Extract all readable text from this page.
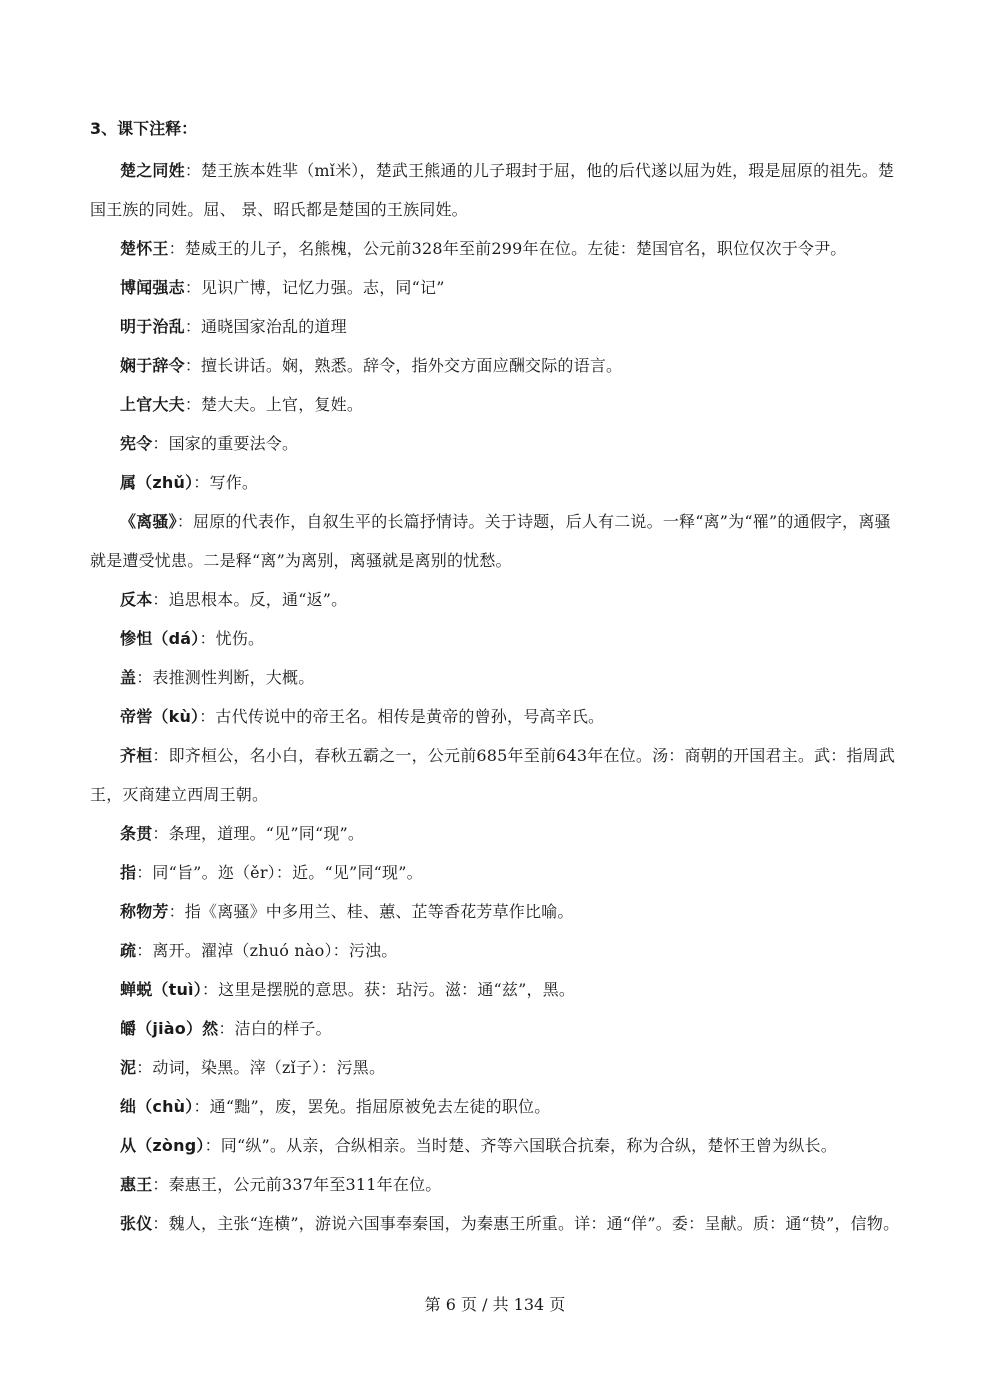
3、课下注释：

楚之同姓：楚王族本姓芈（mǐ米），楚武王熊通的儿子瑕封于屈，他的后代遂以屈为姓，瑕是屈原的祖先。楚国王族的同姓。屈、 景、昭氏都是楚国的王族同姓。

楚怀王：楚威王的儿子，名熊槐，公元前328年至前299年在位。左徒：楚国官名，职位仅次于令尹。

博闻强志：见识广博，记忆力强。志，同“记”

明于治乱：通晓国家治乱的道理

娴于辞令：擅长讲话。娴，熟悉。辞令，指外交方面应酬交际的语言。

上官大夫：楚大夫。上官，复姓。

宪令：国家的重要法令。

属（zhǔ）：写作。

《离骚》：屈原的代表作，自叙生平的长篇抒情诗。关于诗题，后人有二说。一释“离”为“罹”的通假字，离骚就是遭受忧患。二是释“离”为离别，离骚就是离别的忧愁。

反本：追思根本。反，通“返”。

惨怛（dá）：忧伤。

盖：表推测性判断，大概。

帝喾（kù）：古代传说中的帝王名。相传是黄帝的曾孙，号高辛氏。

齐桓：即齐桓公，名小白，春秋五霸之一，公元前685年至前643年在位。汤：商朝的开国君主。武：指周武王，灭商建立西周王朝。

条贯：条理，道理。“见”同“现”。

指：同“旨”。迩（ěr）：近。“见”同“现”。

称物芳：指《离骚》中多用兰、桂、蕙、芷等香花芳草作比喻。

疏：离开。濯淖（zhuó nào）：污浊。

蝉蜕（tuì）：这里是摆脱的意思。获：玷污。滋：通“兹”，黑。

皭（jiào）然：洁白的样子。

泥：动词，染黑。滓（zǐ子）：污黑。

绌（chù）：通“黜”，废，罢免。指屈原被免去左徒的职位。

从（zòng）：同“纵”。从亲，合纵相亲。当时楚、齐等六国联合抗秦，称为合纵，楚怀王曾为纵长。

惠王：秦惠王，公元前337年至311年在位。

张仪：魏人，主张“连横”，游说六国事奉秦国，为秦惠王所重。详：通“佯”。委：呈献。质：通“贽”，信物。

第 6 页 / 共 134 页
